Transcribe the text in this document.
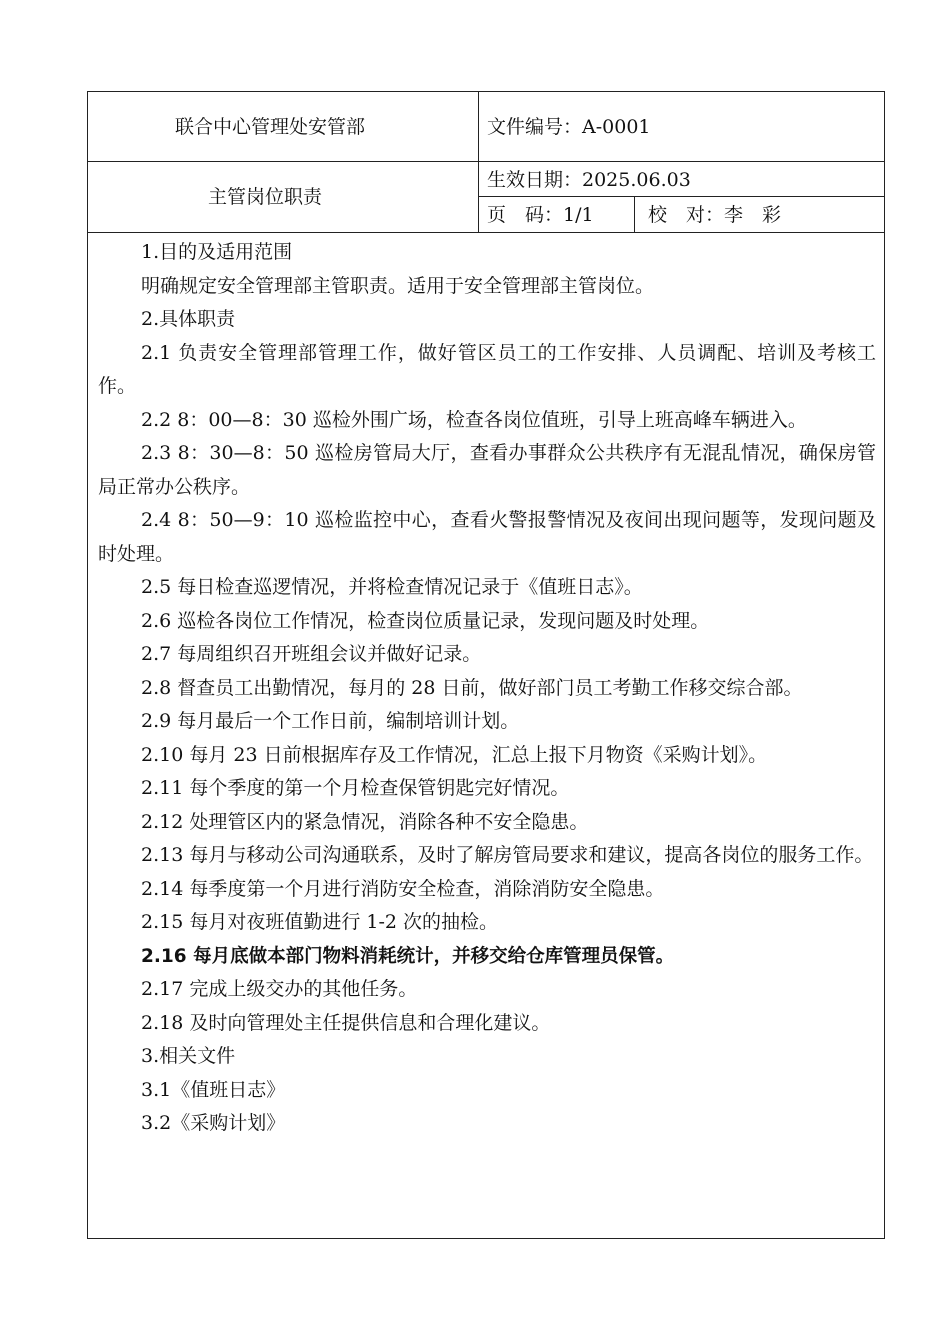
联合中心管理处安管部	文件编号：A-0001
主管岗位职责
生效日期：2025.06.03
页　码：1/1	校　对：李　彩

1.目的及适用范围

明确规定安全管理部主管职责。适用于安全管理部主管岗位。

2.具体职责

2.1 负责安全管理部管理工作，做好管区员工的工作安排、人员调配、培训及考核工作。

2.2 8：00—8：30 巡检外围广场，检查各岗位值班，引导上班高峰车辆进入。

2.3 8：30—8：50 巡检房管局大厅，查看办事群众公共秩序有无混乱情况，确保房管局正常办公秩序。

2.4 8：50—9：10 巡检监控中心，查看火警报警情况及夜间出现问题等，发现问题及时处理。

2.5 每日检查巡逻情况，并将检查情况记录于《值班日志》。

2.6 巡检各岗位工作情况，检查岗位质量记录，发现问题及时处理。

2.7 每周组织召开班组会议并做好记录。

2.8 督查员工出勤情况，每月的 28 日前，做好部门员工考勤工作移交综合部。

2.9 每月最后一个工作日前，编制培训计划。

2.10 每月 23 日前根据库存及工作情况，汇总上报下月物资《采购计划》。

2.11 每个季度的第一个月检查保管钥匙完好情况。

2.12 处理管区内的紧急情况，消除各种不安全隐患。

2.13 每月与移动公司沟通联系，及时了解房管局要求和建议，提高各岗位的服务工作。

2.14 每季度第一个月进行消防安全检查，消除消防安全隐患。

2.15 每月对夜班值勤进行 1-2 次的抽检。

2.16 每月底做本部门物料消耗统计，并移交给仓库管理员保管。

2.17 完成上级交办的其他任务。

2.18 及时向管理处主任提供信息和合理化建议。

3.相关文件

3.1《值班日志》

3.2《采购计划》
